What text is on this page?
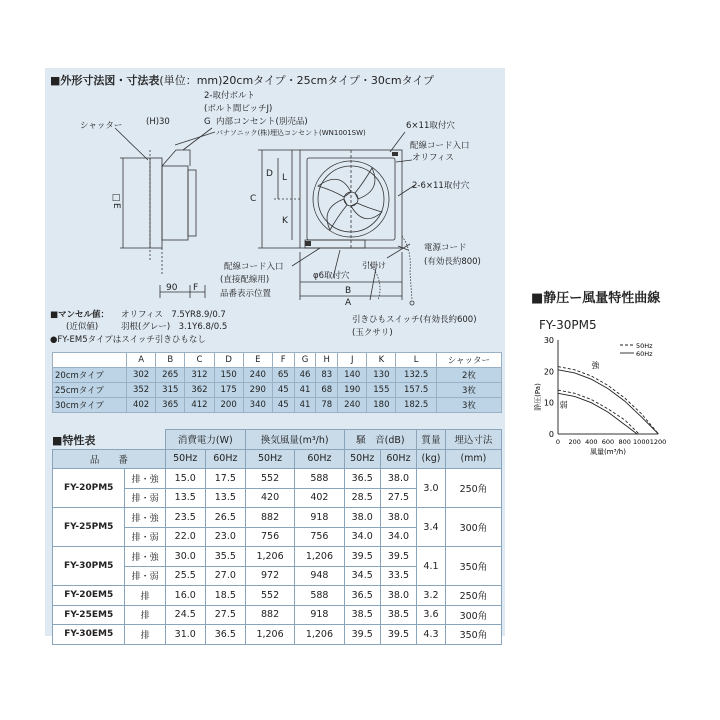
■外形寸法図・寸法表(単位：mm)20cmタイプ・25cmタイプ・30cmタイプ
2-取付ボルト
(ボルト間ピッチJ)
内部コンセント(別売品)
パナソニック(株)埋込コンセント(WN1001SW)
シャッター	(H)30	G	6×11取付穴
配線コード入口
オリフィス
2-6×11取付穴
電源コード
(有効長約800)
配線コード入口
(直接配線用)
品番表示位置
φ6取付穴
引掛け
引きひもスイッチ(有効長約600)
(玉クサリ)
90 F
□E	C
D L
K
B
A
■マンセル値： オリフィス　7.5YR8.9/0.7
(近似値)	羽根(グレー)　3.1Y6.8/0.5
●FY-EM5タイプはスイッチ引きひもなし
	A	B	C	D	E	F	G	H	J	K	L	シャッター
20cmタイプ	302	265	312	150	240	65	46	83	140	130	132.5	2枚
25cmタイプ	352	315	362	175	290	45	41	68	190	155	157.5	3枚
30cmタイプ	402	365	412	200	340	45	41	78	240	180	182.5	3枚
■特性表
		消費電力(W)		換気風量(m³/h)		騒　音(dB)		質量	埋込寸法

品　　番		50Hz	60Hz	50Hz	60Hz	50Hz	60Hz	(kg)	(mm)
FY-20PM5	排・強	15.0	17.5	552	588	36.5	38.0	3.0	250角
	排・弱	13.5	13.5	420	402	28.5	27.5		
FY-25PM5	排・強	23.5	26.5	882	918	38.0	38.0	3.4	300角
	排・弱	22.0	23.0	756	756	34.0	34.0		
FY-30PM5	排・強	30.0	35.5	1,206	1,206	39.5	39.5	4.1	350角
	排・弱	25.5	27.0	972	948	34.5	33.5		
FY-20EM5	排	16.0	18.5	552	588	36.5	38.0	3.2	250角
FY-25EM5	排	24.5	27.5	882	918	38.5	38.5	3.6	300角
FY-30EM5	排	31.0	36.5	1,206	1,206	39.5	39.5	4.3	350角
■静圧ー風量特性曲線
FY-30PM5
0 200 400 600 800 1000 1200
0
10
20
30
風量(m³/h)
静圧(Pa)
50Hz
60Hz
強
弱
